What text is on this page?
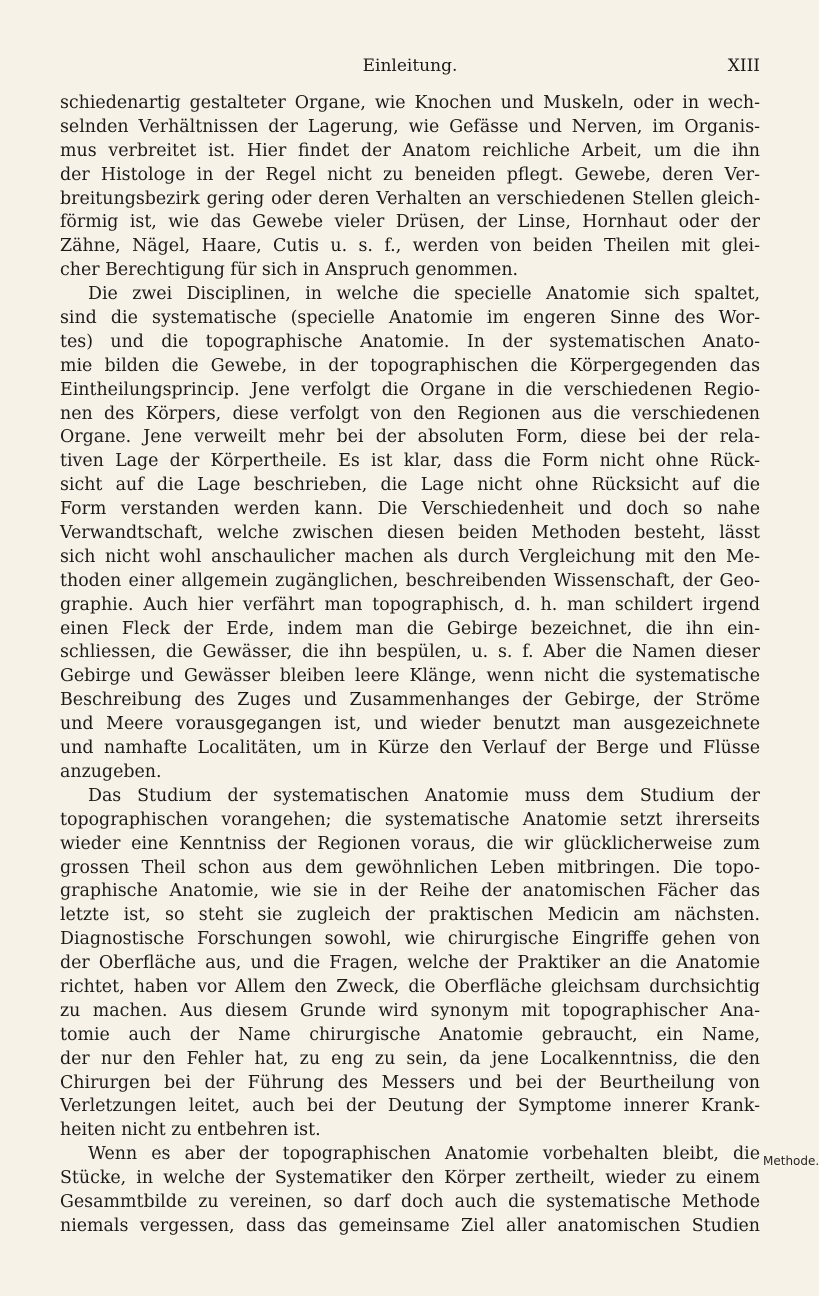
Einleitung.	XIII
schiedenartig gestalteter Organe, wie Knochen und Muskeln, oder in wech-
selnden Verhältnissen der Lagerung, wie Gefässe und Nerven, im Organis-
mus verbreitet ist. Hier findet der Anatom reichliche Arbeit, um die ihn
der Histologe in der Regel nicht zu beneiden pflegt. Gewebe, deren Ver-
breitungsbezirk gering oder deren Verhalten an verschiedenen Stellen gleich-
förmig ist, wie das Gewebe vieler Drüsen, der Linse, Hornhaut oder der
Zähne, Nägel, Haare, Cutis u. s. f., werden von beiden Theilen mit glei-
cher Berechtigung für sich in Anspruch genommen.
Die zwei Disciplinen, in welche die specielle Anatomie sich spaltet,
sind die systematische (specielle Anatomie im engeren Sinne des Wor-
tes) und die topographische Anatomie. In der systematischen Anato-
mie bilden die Gewebe, in der topographischen die Körpergegenden das
Eintheilungsprincip. Jene verfolgt die Organe in die verschiedenen Regio-
nen des Körpers, diese verfolgt von den Regionen aus die verschiedenen
Organe. Jene verweilt mehr bei der absoluten Form, diese bei der rela-
tiven Lage der Körpertheile. Es ist klar, dass die Form nicht ohne Rück-
sicht auf die Lage beschrieben, die Lage nicht ohne Rücksicht auf die
Form verstanden werden kann. Die Verschiedenheit und doch so nahe
Verwandtschaft, welche zwischen diesen beiden Methoden besteht, lässt
sich nicht wohl anschaulicher machen als durch Vergleichung mit den Me-
thoden einer allgemein zugänglichen, beschreibenden Wissenschaft, der Geo-
graphie. Auch hier verfährt man topographisch, d. h. man schildert irgend
einen Fleck der Erde, indem man die Gebirge bezeichnet, die ihn ein-
schliessen, die Gewässer, die ihn bespülen, u. s. f. Aber die Namen dieser
Gebirge und Gewässer bleiben leere Klänge, wenn nicht die systematische
Beschreibung des Zuges und Zusammenhanges der Gebirge, der Ströme
und Meere vorausgegangen ist, und wieder benutzt man ausgezeichnete
und namhafte Localitäten, um in Kürze den Verlauf der Berge und Flüsse
anzugeben.
Das Studium der systematischen Anatomie muss dem Studium der
topographischen vorangehen; die systematische Anatomie setzt ihrerseits
wieder eine Kenntniss der Regionen voraus, die wir glücklicherweise zum
grossen Theil schon aus dem gewöhnlichen Leben mitbringen. Die topo-
graphische Anatomie, wie sie in der Reihe der anatomischen Fächer das
letzte ist, so steht sie zugleich der praktischen Medicin am nächsten.
Diagnostische Forschungen sowohl, wie chirurgische Eingriffe gehen von
der Oberfläche aus, und die Fragen, welche der Praktiker an die Anatomie
richtet, haben vor Allem den Zweck, die Oberfläche gleichsam durchsichtig
zu machen. Aus diesem Grunde wird synonym mit topographischer Ana-
tomie auch der Name chirurgische Anatomie gebraucht, ein Name,
der nur den Fehler hat, zu eng zu sein, da jene Localkenntniss, die den
Chirurgen bei der Führung des Messers und bei der Beurtheilung von
Verletzungen leitet, auch bei der Deutung der Symptome innerer Krank-
heiten nicht zu entbehren ist.
Wenn es aber der topographischen Anatomie vorbehalten bleibt, die
Stücke, in welche der Systematiker den Körper zertheilt, wieder zu einem
Gesammtbilde zu vereinen, so darf doch auch die systematische Methode
niemals vergessen, dass das gemeinsame Ziel aller anatomischen Studien
Methode.
